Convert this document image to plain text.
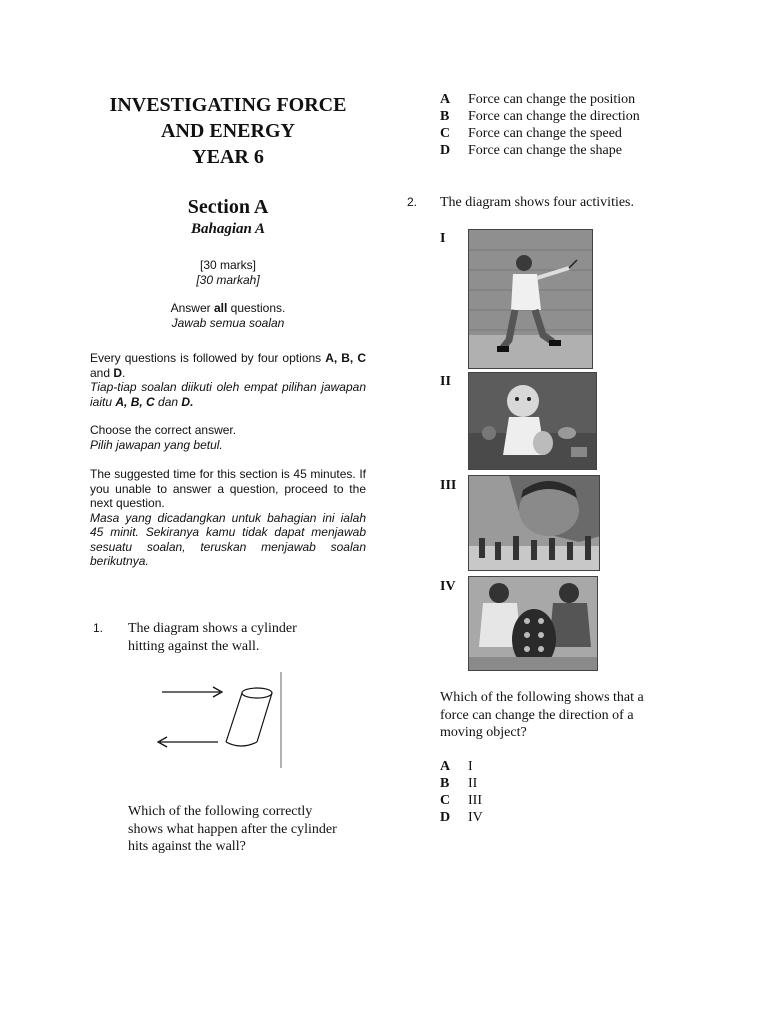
INVESTIGATING FORCE
AND ENERGY
YEAR 6
Section A
Bahagian A
[30 marks]
[30 markah]
Answer all questions.
Jawab semua soalan
Every questions is followed by four options A, B, C and D.
Tiap-tiap soalan diikuti oleh empat pilihan jawapan iaitu A, B, C dan D.
Choose the correct answer.
Pilih jawapan yang betul.
The suggested time for this section is 45 minutes. If you unable to answer a question, proceed to the next question.
Masa yang dicadangkan untuk bahagian ini ialah 45 minit. Sekiranya kamu tidak dapat menjawab sesuatu soalan, teruskan menjawab soalan berikutnya.
1. The diagram shows a cylinder
hitting against the wall.
Which of the following correctly
shows what happen after the cylinder
hits against the wall?
A Force can change the position
B Force can change the direction
C Force can change the speed
D Force can change the shape
2. The diagram shows four activities.
I
II
III
IV
Which of the following shows that a
force can change the direction of a
moving object?
A I
B II
C III
D IV
